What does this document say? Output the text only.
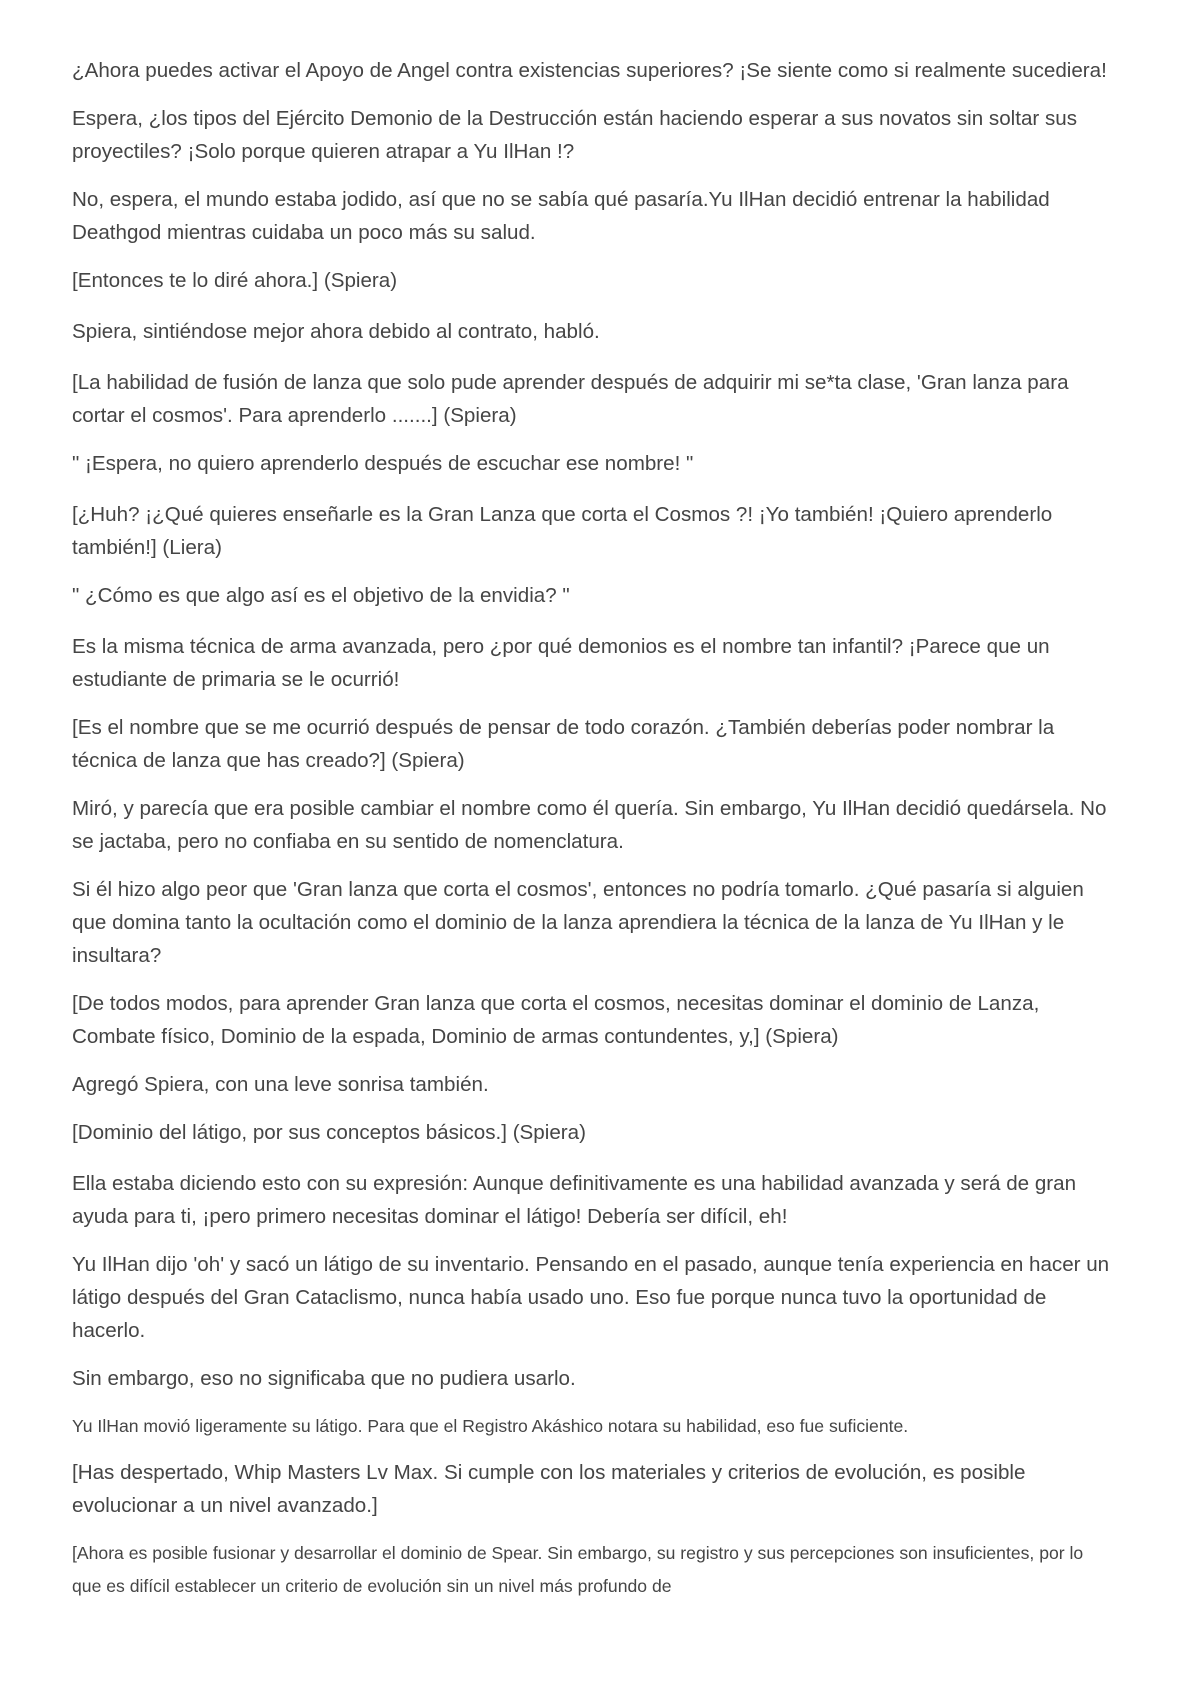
¿Ahora puedes activar el Apoyo de Angel contra existencias superiores? ¡Se siente como si realmente sucediera!

Espera, ¿los tipos del Ejército Demonio de la Destrucción están haciendo esperar a sus novatos sin soltar sus proyectiles? ¡Solo porque quieren atrapar a Yu IlHan !?

No, espera, el mundo estaba jodido, así que no se sabía qué pasaría.Yu IlHan decidió entrenar la habilidad Deathgod mientras cuidaba un poco más su salud.

[Entonces te lo diré ahora.] (Spiera)

Spiera, sintiéndose mejor ahora debido al contrato, habló.

[La habilidad de fusión de lanza que solo pude aprender después de adquirir mi se*ta clase, 'Gran lanza para cortar el cosmos'. Para aprenderlo .......] (Spiera)

" ¡Espera, no quiero aprenderlo después de escuchar ese nombre! "

[¿Huh? ¡¿Qué quieres enseñarle es la Gran Lanza que corta el Cosmos ?! ¡Yo también! ¡Quiero aprenderlo también!] (Liera)

" ¿Cómo es que algo así es el objetivo de la envidia? "

Es la misma técnica de arma avanzada, pero ¿por qué demonios es el nombre tan infantil? ¡Parece que un estudiante de primaria se le ocurrió!

[Es el nombre que se me ocurrió después de pensar de todo corazón. ¿También deberías poder nombrar la técnica de lanza que has creado?] (Spiera)

Miró, y parecía que era posible cambiar el nombre como él quería. Sin embargo, Yu IlHan decidió quedársela. No se jactaba, pero no confiaba en su sentido de nomenclatura.

Si él hizo algo peor que 'Gran lanza que corta el cosmos', entonces no podría tomarlo. ¿Qué pasaría si alguien que domina tanto la ocultación como el dominio de la lanza aprendiera la técnica de la lanza de Yu IlHan y le insultara?

[De todos modos, para aprender Gran lanza que corta el cosmos, necesitas dominar el dominio de Lanza, Combate físico, Dominio de la espada, Dominio de armas contundentes, y,] (Spiera)

Agregó Spiera, con una leve sonrisa también.

[Dominio del látigo, por sus conceptos básicos.] (Spiera)

Ella estaba diciendo esto con su expresión: Aunque definitivamente es una habilidad avanzada y será de gran ayuda para ti, ¡pero primero necesitas dominar el látigo! Debería ser difícil, eh!

Yu IlHan dijo 'oh' y sacó un látigo de su inventario. Pensando en el pasado, aunque tenía experiencia en hacer un látigo después del Gran Cataclismo, nunca había usado uno. Eso fue porque nunca tuvo la oportunidad de hacerlo.

Sin embargo, eso no significaba que no pudiera usarlo.

Yu IlHan movió ligeramente su látigo. Para que el Registro Akáshico notara su habilidad, eso fue suficiente.

[Has despertado, Whip Masters Lv Max. Si cumple con los materiales y criterios de evolución, es posible evolucionar a un nivel avanzado.]

[Ahora es posible fusionar y desarrollar el dominio de Spear. Sin embargo, su registro y sus percepciones son insuficientes, por lo que es difícil establecer un criterio de evolución sin un nivel más profundo de
